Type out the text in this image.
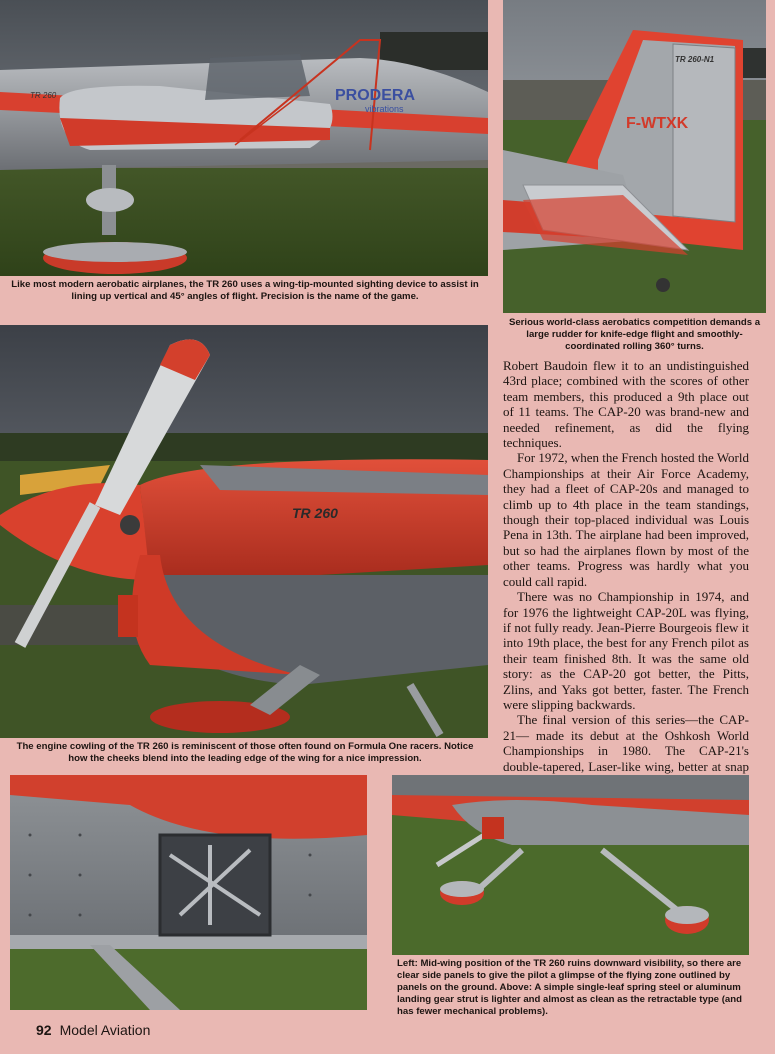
PRODERA
vibrations
TR 260
Like most modern aerobatic airplanes, the TR 260 uses a wing-tip-mounted sighting device to assist in lining up vertical and 45° angles of flight. Precision is the name of the game.
F-WTXK
TR 260-N1
Serious world-class aerobatics competition demands a large rudder for knife-edge flight and smoothly-coordinated rolling 360° turns.
TR 260
The engine cowling of the TR 260 is reminiscent of those often found on Formula One racers. Notice how the cheeks blend into the leading edge of the wing for a nice impression.

Robert Baudoin flew it to an undistinguished 43rd place; combined with the scores of other team members, this produced a 9th place out of 11 teams. The CAP-20 was brand-new and needed refinement, as did the flying techniques.

For 1972, when the French hosted the World Championships at their Air Force Academy, they had a fleet of CAP-20s and managed to climb up to 4th place in the team standings, though their top-placed individual was Louis Pena in 13th. The airplane had been improved, but so had the airplanes flown by most of the other teams. Progress was hardly what you could call rapid.

There was no Championship in 1974, and for 1976 the lightweight CAP-20L was flying, if not fully ready. Jean-Pierre Bourgeois flew it into 19th place, the best for any French pilot as their team finished 8th. It was the same old story: as the CAP-20 got better, the Pitts, Zlins, and Yaks got better, faster. The French were slipping backwards.

The final version of this series—the CAP-21— made its debut at the Oshkosh World Championships in 1980. The CAP-21's double-tapered, Laser-like wing, better at snap

Left: Mid-wing position of the TR 260 ruins downward visibility, so there are clear side panels to give the pilot a glimpse of the flying zone outlined by panels on the ground. Above: A simple single-leaf spring steel or aluminum landing gear strut is lighter and almost as clean as the retractable type (and has fewer mechanical problems).
92 Model Aviation
